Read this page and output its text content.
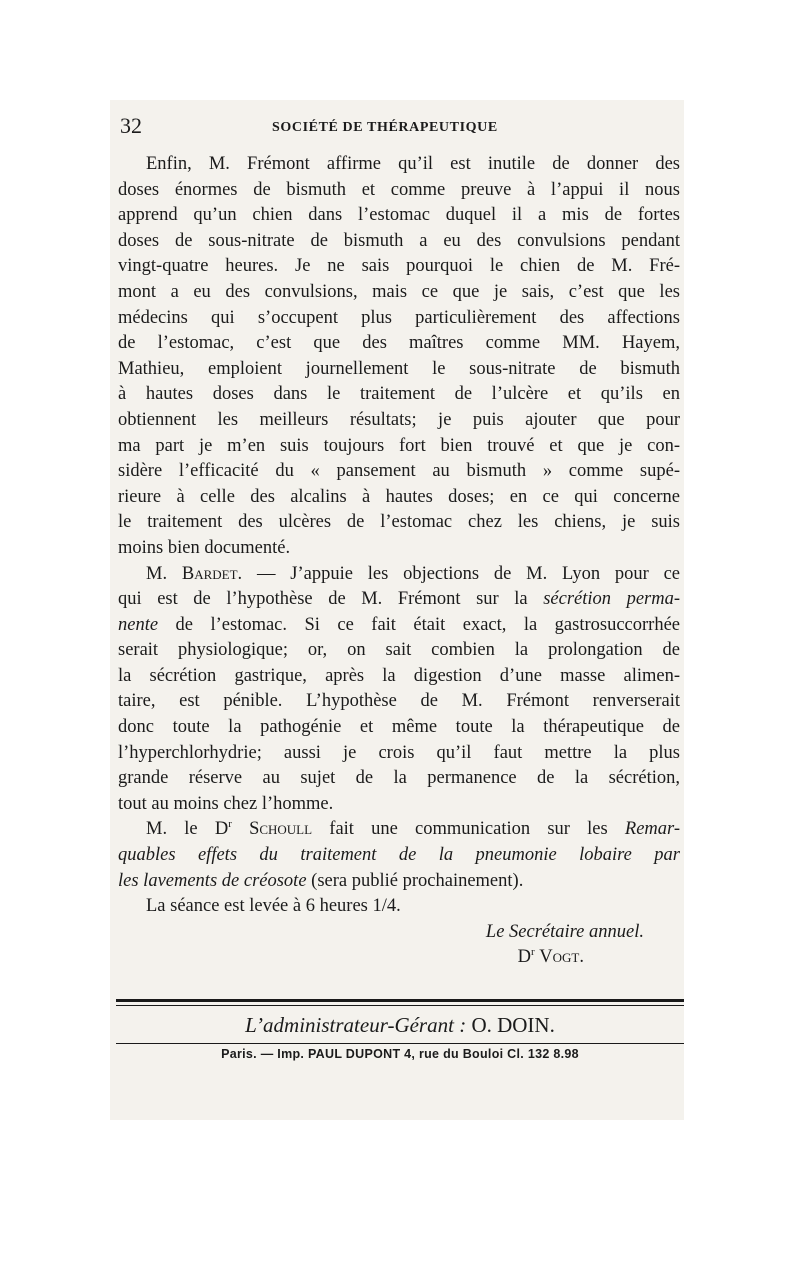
32	SOCIÉTÉ DE THÉRAPEUTIQUE
Enfin, M. Frémont affirme qu’il est inutile de donner des
doses énormes de bismuth et comme preuve à l’appui il nous
apprend qu’un chien dans l’estomac duquel il a mis de fortes
doses de sous-nitrate de bismuth a eu des convulsions pendant
vingt-quatre heures. Je ne sais pourquoi le chien de M. Fré-
mont a eu des convulsions, mais ce que je sais, c’est que les
médecins qui s’occupent plus particulièrement des affections
de l’estomac, c’est que des maîtres comme MM. Hayem,
Mathieu, emploient journellement le sous-nitrate de bismuth
à hautes doses dans le traitement de l’ulcère et qu’ils en
obtiennent les meilleurs résultats; je puis ajouter que pour
ma part je m’en suis toujours fort bien trouvé et que je con-
sidère l’efficacité du « pansement au bismuth » comme supé-
rieure à celle des alcalins à hautes doses; en ce qui concerne
le traitement des ulcères de l’estomac chez les chiens, je suis
moins bien documenté.
M. Bardet. — J’appuie les objections de M. Lyon pour ce
qui est de l’hypothèse de M. Frémont sur la sécrétion perma-
nente de l’estomac. Si ce fait était exact, la gastrosuccorrhée
serait physiologique; or, on sait combien la prolongation de
la sécrétion gastrique, après la digestion d’une masse alimen-
taire, est pénible. L’hypothèse de M. Frémont renverserait
donc toute la pathogénie et même toute la thérapeutique de
l’hyperchlorhydrie; aussi je crois qu’il faut mettre la plus
grande réserve au sujet de la permanence de la sécrétion,
tout au moins chez l’homme.
M. le $D^r$ Schoull fait une communication sur les Remar-
quables effets du traitement de la pneumonie lobaire par
les lavements de créosote (sera publié prochainement).
La séance est levée à 6 heures 1/4.
Le Secrétaire annuel.
$D^r$ Vogt.
L’administrateur-Gérant : O. DOIN.
Paris. — Imp. PAUL DUPONT 4, rue du Bouloi Cl. 132 8.98
